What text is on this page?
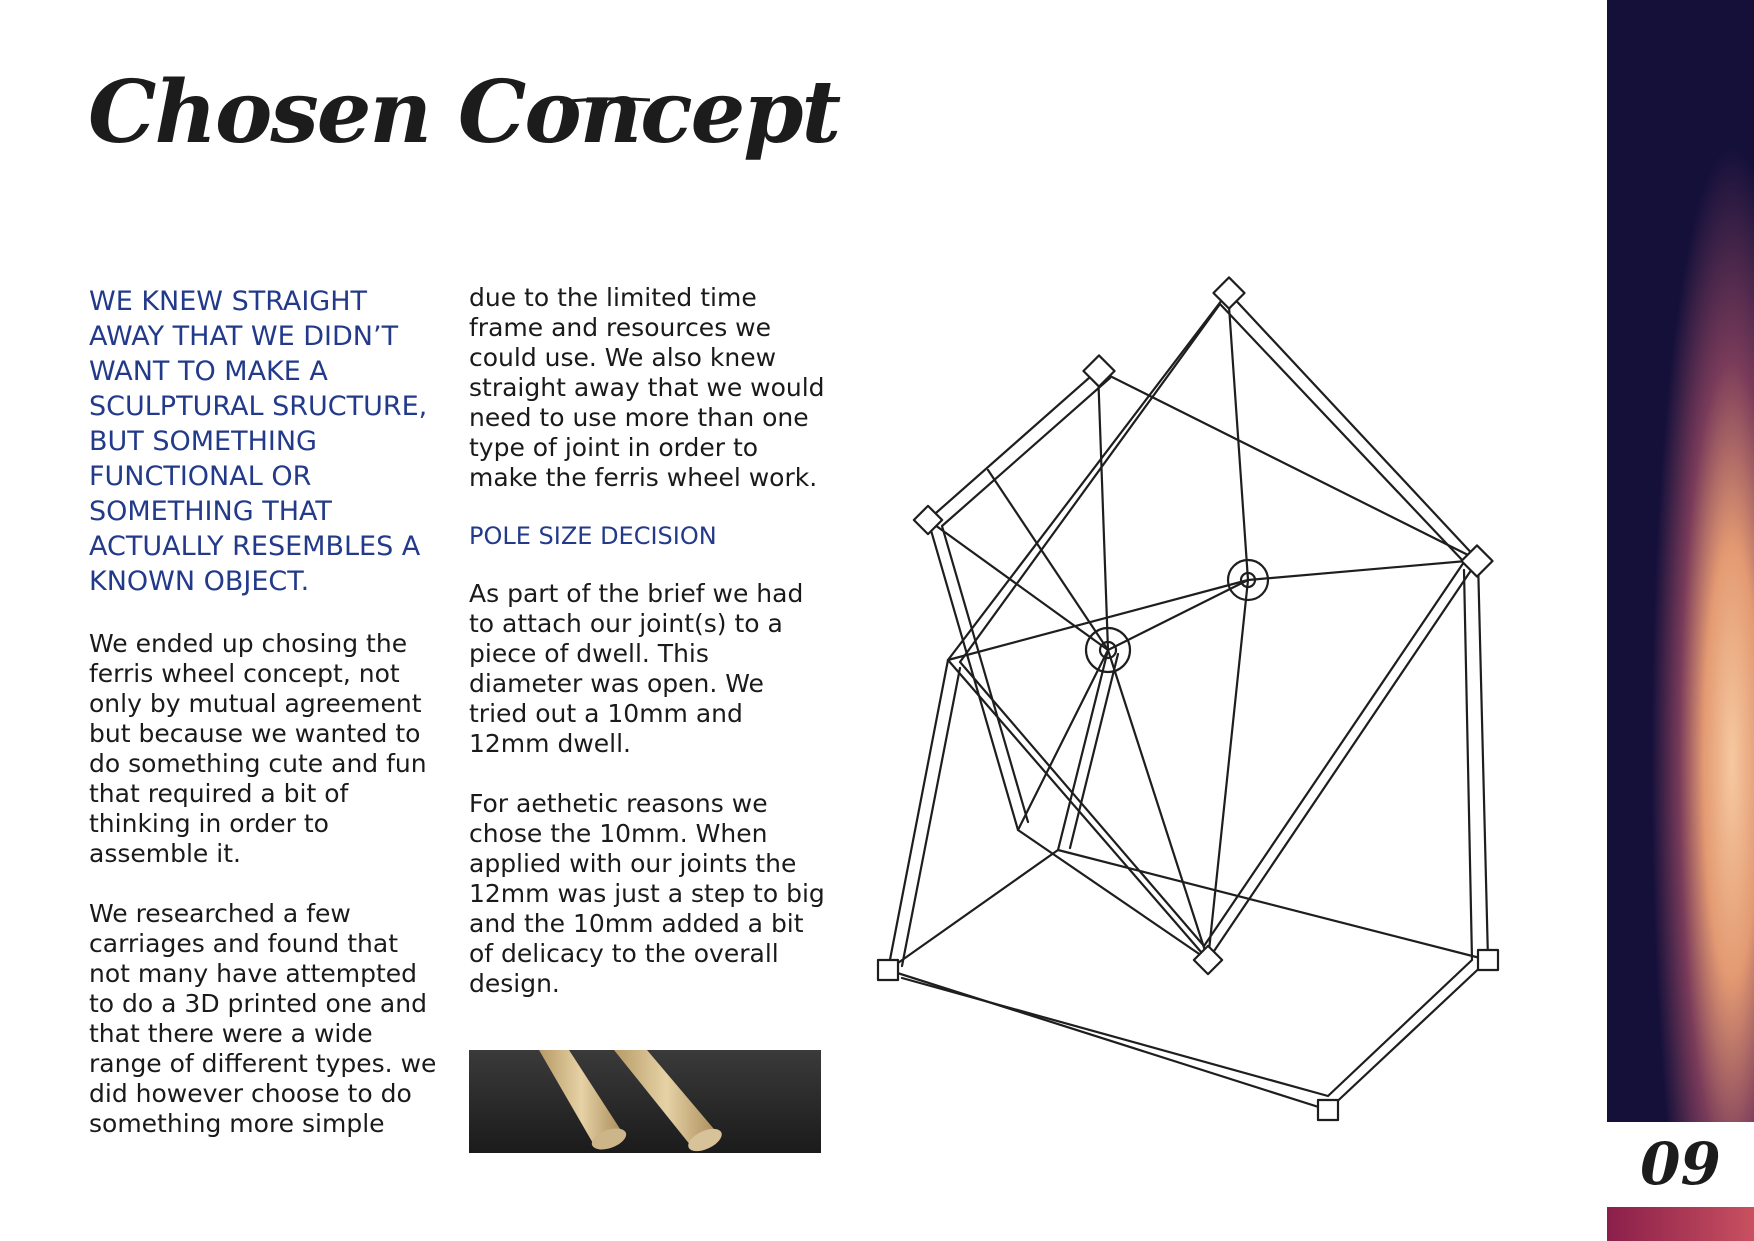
Chosen Concept

WE KNEW STRAIGHT AWAY THAT WE DIDN’T WANT TO MAKE A SCULPTURAL SRUCTURE, BUT SOMETHING FUNCTIONAL OR SOMETHING THAT ACTUALLY RESEMBLES A KNOWN OBJECT.

We ended up chosing the ferris wheel concept, not only by mutual agreement but because we wanted to do something cute and fun that required a bit of thinking in order to assemble it.

We researched a few carriages and found that not many have attempted to do a 3D printed one and that there were a wide range of different types. we did however choose to do something more simple

due to the limited time frame and resources we could use. We also knew straight away that we would need to use more than one type of joint in order to make the ferris wheel work.

POLE SIZE DECISION

As part of the brief we had to attach our joint(s) to a piece of dwell. This diameter was open. We tried out a 10mm and 12mm dwell.

For aethetic reasons we chose the 10mm. When applied with our joints the 12mm was just a step to big and the 10mm added a bit of delicacy to the overall design.

09
